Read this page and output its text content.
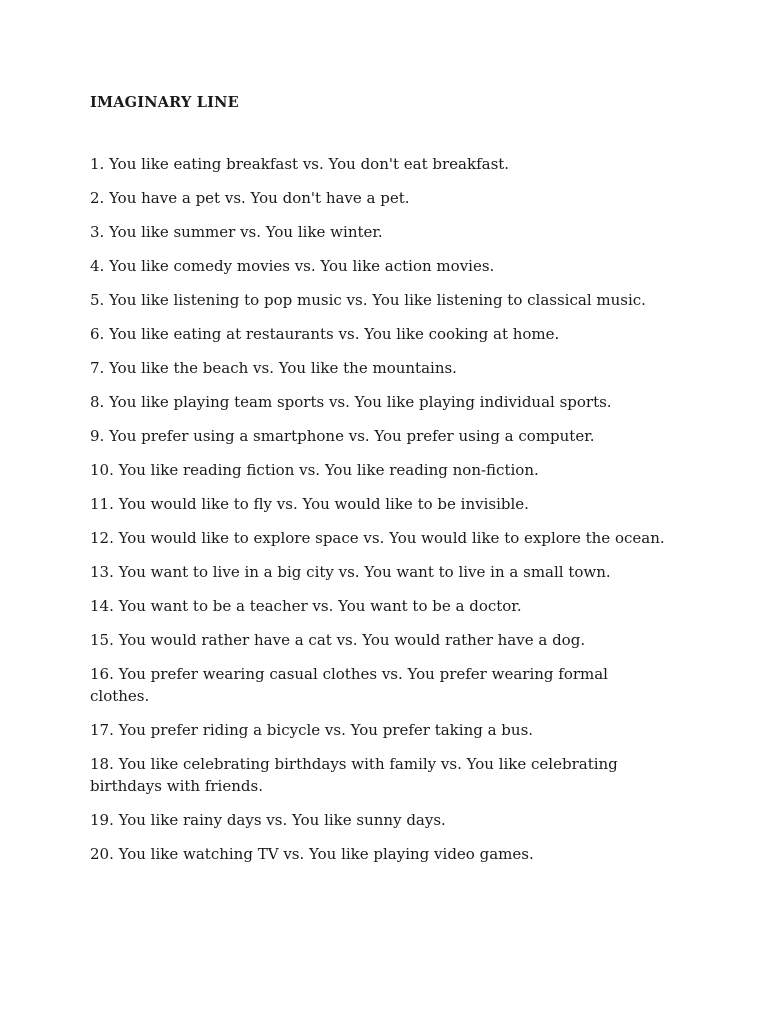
IMAGINARY LINE
1. You like eating breakfast vs. You don't eat breakfast.
2. You have a pet vs. You don't have a pet.
3. You like summer vs. You like winter.
4. You like comedy movies vs. You like action movies.
5. You like listening to pop music vs. You like listening to classical music.
6. You like eating at restaurants vs. You like cooking at home.
7. You like the beach vs. You like the mountains.
8. You like playing team sports vs. You like playing individual sports.
9. You prefer using a smartphone vs. You prefer using a computer.
10. You like reading fiction vs. You like reading non-fiction.
11. You would like to fly vs. You would like to be invisible.
12. You would like to explore space vs. You would like to explore the ocean.
13. You want to live in a big city vs. You want to live in a small town.
14. You want to be a teacher vs. You want to be a doctor.
15. You would rather have a cat vs. You would rather have a dog.
16. You prefer wearing casual clothes vs. You prefer wearing formal clothes.
17. You prefer riding a bicycle vs. You prefer taking a bus.
18. You like celebrating birthdays with family vs. You like celebrating birthdays with friends.
19. You like rainy days vs. You like sunny days.
20. You like watching TV vs. You like playing video games.
